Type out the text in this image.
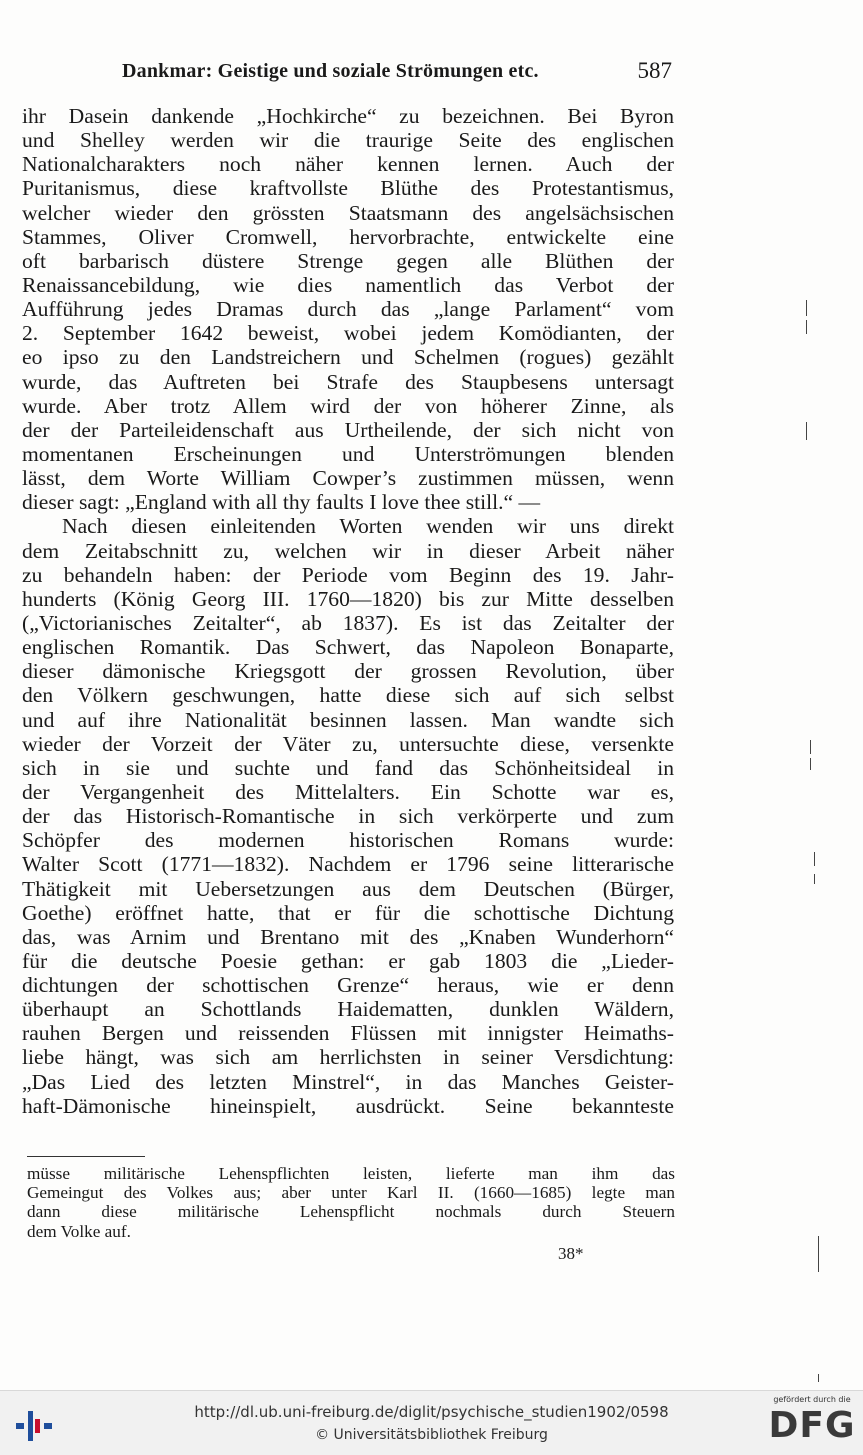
Dankmar: Geistige und soziale Strömungen etc.	587
ihr Dasein dankende „Hochkirche“ zu bezeichnen. Bei Byron
und Shelley werden wir die traurige Seite des englischen
Nationalcharakters noch näher kennen lernen. Auch der
Puritanismus, diese kraftvollste Blüthe des Protestantismus,
welcher wieder den grössten Staatsmann des angelsächsischen
Stammes, Oliver Cromwell, hervorbrachte, entwickelte eine
oft barbarisch düstere Strenge gegen alle Blüthen der
Renaissancebildung, wie dies namentlich das Verbot der
Aufführung jedes Dramas durch das „lange Parlament“ vom
2. September 1642 beweist, wobei jedem Komödianten, der
eo ipso zu den Landstreichern und Schelmen (rogues) gezählt
wurde, das Auftreten bei Strafe des Staupbesens untersagt
wurde. Aber trotz Allem wird der von höherer Zinne, als
der der Parteileidenschaft aus Urtheilende, der sich nicht von
momentanen Erscheinungen und Unterströmungen blenden
lässt, dem Worte William Cowper’s zustimmen müssen, wenn
dieser sagt: „England with all thy faults I love thee still.“ —
Nach diesen einleitenden Worten wenden wir uns direkt
dem Zeitabschnitt zu, welchen wir in dieser Arbeit näher
zu behandeln haben: der Periode vom Beginn des 19. Jahr-
hunderts (König Georg III. 1760—1820) bis zur Mitte desselben
(„Victorianisches Zeitalter“, ab 1837). Es ist das Zeitalter der
englischen Romantik. Das Schwert, das Napoleon Bonaparte,
dieser dämonische Kriegsgott der grossen Revolution, über
den Völkern geschwungen, hatte diese sich auf sich selbst
und auf ihre Nationalität besinnen lassen. Man wandte sich
wieder der Vorzeit der Väter zu, untersuchte diese, versenkte
sich in sie und suchte und fand das Schönheitsideal in
der Vergangenheit des Mittelalters. Ein Schotte war es,
der das Historisch-Romantische in sich verkörperte und zum
Schöpfer des modernen historischen Romans wurde:
Walter Scott (1771—1832). Nachdem er 1796 seine litterarische
Thätigkeit mit Uebersetzungen aus dem Deutschen (Bürger,
Goethe) eröffnet hatte, that er für die schottische Dichtung
das, was Arnim und Brentano mit des „Knaben Wunderhorn“
für die deutsche Poesie gethan: er gab 1803 die „Lieder-
dichtungen der schottischen Grenze“ heraus, wie er denn
überhaupt an Schottlands Haidematten, dunklen Wäldern,
rauhen Bergen und reissenden Flüssen mit innigster Heimaths-
liebe hängt, was sich am herrlichsten in seiner Versdichtung:
„Das Lied des letzten Minstrel“, in das Manches Geister-
haft-Dämonische hineinspielt, ausdrückt. Seine bekannteste
müsse militärische Lehenspflichten leisten, lieferte man ihm das
Gemeingut des Volkes aus; aber unter Karl II. (1660—1685) legte man
dann diese militärische Lehenspflicht nochmals durch Steuern
dem Volke auf.
38*
http://dl.ub.uni-freiburg.de/diglit/psychische_studien1902/0598
© Universitätsbibliothek Freiburg
gefördert durch die
DFG
